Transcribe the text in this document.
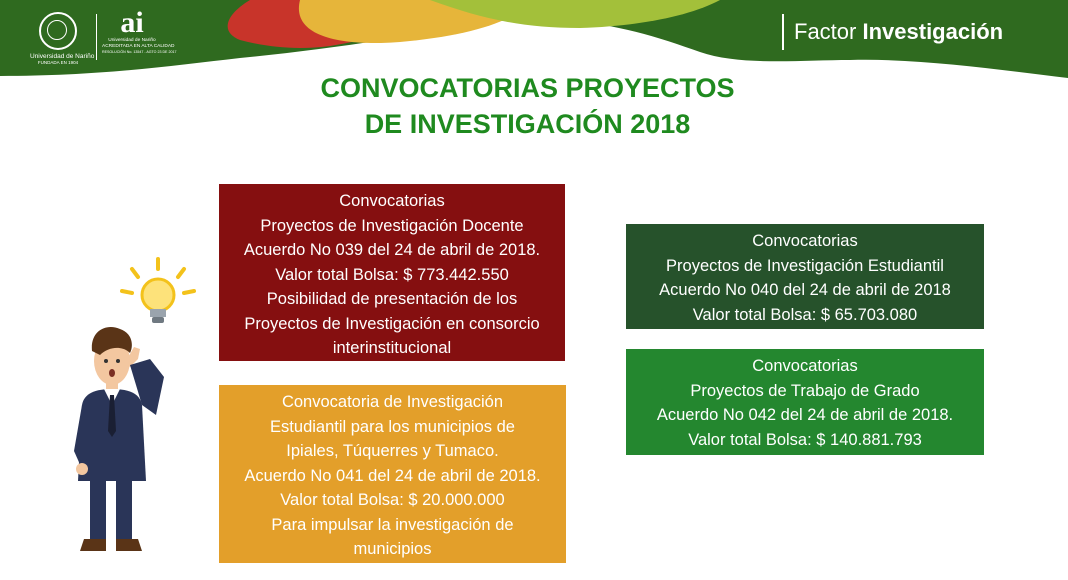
Universidad de Nariño
FUNDADA EN 1904
ai
Universidad de Nariño
ACREDITADA EN ALTA CALIDAD
RESOLUCIÓN No. 13547 - AGTO 23 DE 2017
Factor Investigación
CONVOCATORIAS PROYECTOS
DE INVESTIGACIÓN 2018
Convocatorias
Proyectos de Investigación Docente
Acuerdo No 039 del 24 de abril de 2018.
Valor total Bolsa: $ 773.442.550
Posibilidad de presentación de los
Proyectos de Investigación en consorcio
interinstitucional
Convocatoria de Investigación
Estudiantil para los municipios de
Ipiales, Túquerres y Tumaco.
Acuerdo No 041 del 24 de abril de 2018.
Valor total Bolsa: $ 20.000.000
Para impulsar la investigación de
municipios
Convocatorias
Proyectos de Investigación Estudiantil
Acuerdo No 040 del 24 de abril de 2018
Valor total Bolsa: $ 65.703.080
Convocatorias
Proyectos de Trabajo de Grado
Acuerdo No 042 del 24 de abril de 2018.
Valor total Bolsa: $ 140.881.793
